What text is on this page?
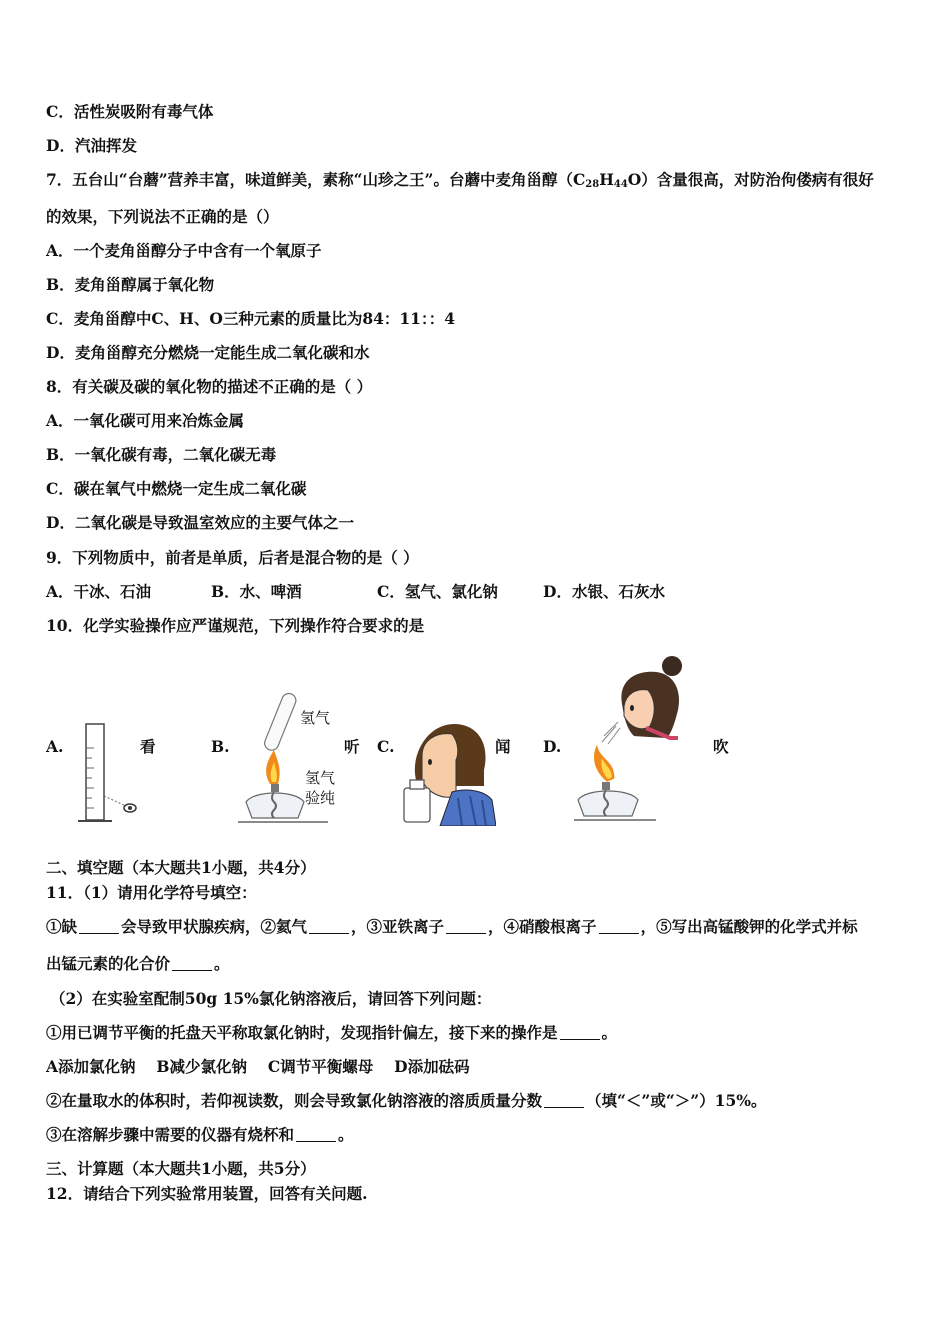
C．活性炭吸附有毒气体
D．汽油挥发
7．五台山“台蘑”营养丰富，味道鲜美，素称“山珍之王”。台蘑中麦角甾醇$(C_{28}H_{44}O)$含量很高，对防治佝偻病有很好
的效果，下列说法不正确的是（）
A．一个麦角甾醇分子中含有一个氧原子
B．麦角甾醇属于氧化物
C．麦角甾醇中C、H、O三种元素的质量比为84：11：：4
D．麦角甾醇充分燃烧一定能生成二氧化碳和水
8．有关碳及碳的氧化物的描述不正确的是（ ）
A．一氧化碳可用来冶炼金属
B．一氧化碳有毒，二氧化碳无毒
C．碳在氧气中燃烧一定生成二氧化碳
D．二氧化碳是导致温室效应的主要气体之一
9．下列物质中，前者是单质，后者是混合物的是（ ）
A．干冰、石油	B．水、啤酒	C．氢气、氯化钠	D．水银、石灰水
10．化学实验操作应严谨规范，下列操作符合要求的是
A.	看	B.
氢气
氢气
验纯
听 C.	闻 D.	吹
二、填空题（本大题共1小题，共4分）
11．（1）请用化学符号填空：
①缺	会导致甲状腺疾病，②氦气	，③亚铁离子	，④硝酸根离子	，⑤写出高锰酸钾的化学式并标
出锰元素的化合价	。
（2）在实验室配制50g 15%氯化钠溶液后，请回答下列问题：
①用已调节平衡的托盘天平称取氯化钠时，发现指针偏左，接下来的操作是	。
A添加氯化钠　 B减少氯化钠　 C调节平衡螺母　 D添加砝码
②在量取水的体积时，若仰视读数，则会导致氯化钠溶液的溶质质量分数	（填“＜”或“＞”）15%。
③在溶解步骤中需要的仪器有烧杯和	。
三、计算题（本大题共1小题，共5分）
12．请结合下列实验常用装置，回答有关问题.
